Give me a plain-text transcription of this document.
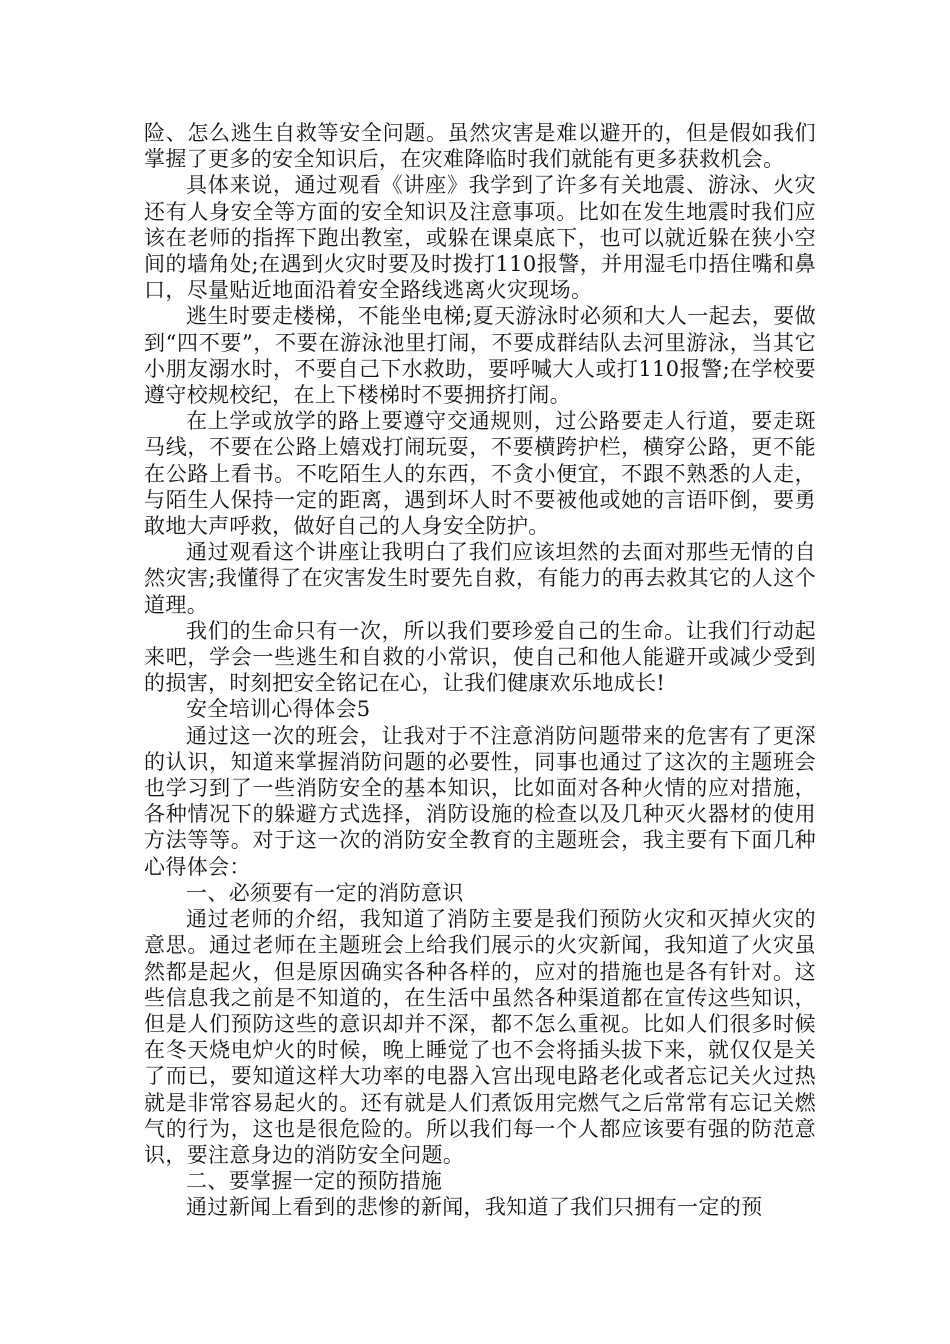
险、怎么逃生自救等安全问题。虽然灾害是难以避开的，但是假如我们掌握了更多的安全知识后，在灾难降临时我们就能有更多获救机会。

具体来说，通过观看《讲座》我学到了许多有关地震、游泳、火灾还有人身安全等方面的安全知识及注意事项。比如在发生地震时我们应该在老师的指挥下跑出教室，或躲在课桌底下，也可以就近躲在狭小空间的墙角处;在遇到火灾时要及时拨打110报警，并用湿毛巾捂住嘴和鼻口，尽量贴近地面沿着安全路线逃离火灾现场。

逃生时要走楼梯，不能坐电梯;夏天游泳时必须和大人一起去，要做到“四不要”，不要在游泳池里打闹，不要成群结队去河里游泳，当其它小朋友溺水时，不要自己下水救助，要呼喊大人或打110报警;在学校要遵守校规校纪，在上下楼梯时不要拥挤打闹。

在上学或放学的路上要遵守交通规则，过公路要走人行道，要走斑马线，不要在公路上嬉戏打闹玩耍，不要横跨护栏，横穿公路，更不能在公路上看书。不吃陌生人的东西，不贪小便宜，不跟不熟悉的人走，与陌生人保持一定的距离，遇到坏人时不要被他或她的言语吓倒，要勇敢地大声呼救，做好自己的人身安全防护。

通过观看这个讲座让我明白了我们应该坦然的去面对那些无情的自然灾害;我懂得了在灾害发生时要先自救，有能力的再去救其它的人这个道理。

我们的生命只有一次，所以我们要珍爱自己的生命。让我们行动起来吧，学会一些逃生和自救的小常识，使自己和他人能避开或减少受到的损害，时刻把安全铭记在心，让我们健康欢乐地成长!

安全培训心得体会5

通过这一次的班会，让我对于不注意消防问题带来的危害有了更深的认识，知道来掌握消防问题的必要性，同事也通过了这次的主题班会也学习到了一些消防安全的基本知识，比如面对各种火情的应对措施，各种情况下的躲避方式选择，消防设施的检查以及几种灭火器材的使用方法等等。对于这一次的消防安全教育的主题班会，我主要有下面几种心得体会：

一、必须要有一定的消防意识

通过老师的介绍，我知道了消防主要是我们预防火灾和灭掉火灾的意思。通过老师在主题班会上给我们展示的火灾新闻，我知道了火灾虽然都是起火，但是原因确实各种各样的，应对的措施也是各有针对。这些信息我之前是不知道的，在生活中虽然各种渠道都在宣传这些知识，但是人们预防这些的意识却并不深，都不怎么重视。比如人们很多时候在冬天烧电炉火的时候，晚上睡觉了也不会将插头拔下来，就仅仅是关了而已，要知道这样大功率的电器入宫出现电路老化或者忘记关火过热就是非常容易起火的。还有就是人们煮饭用完燃气之后常常有忘记关燃气的行为，这也是很危险的。所以我们每一个人都应该要有强的防范意识，要注意身边的消防安全问题。

二、要掌握一定的预防措施

通过新闻上看到的悲惨的新闻，我知道了我们只拥有一定的预
